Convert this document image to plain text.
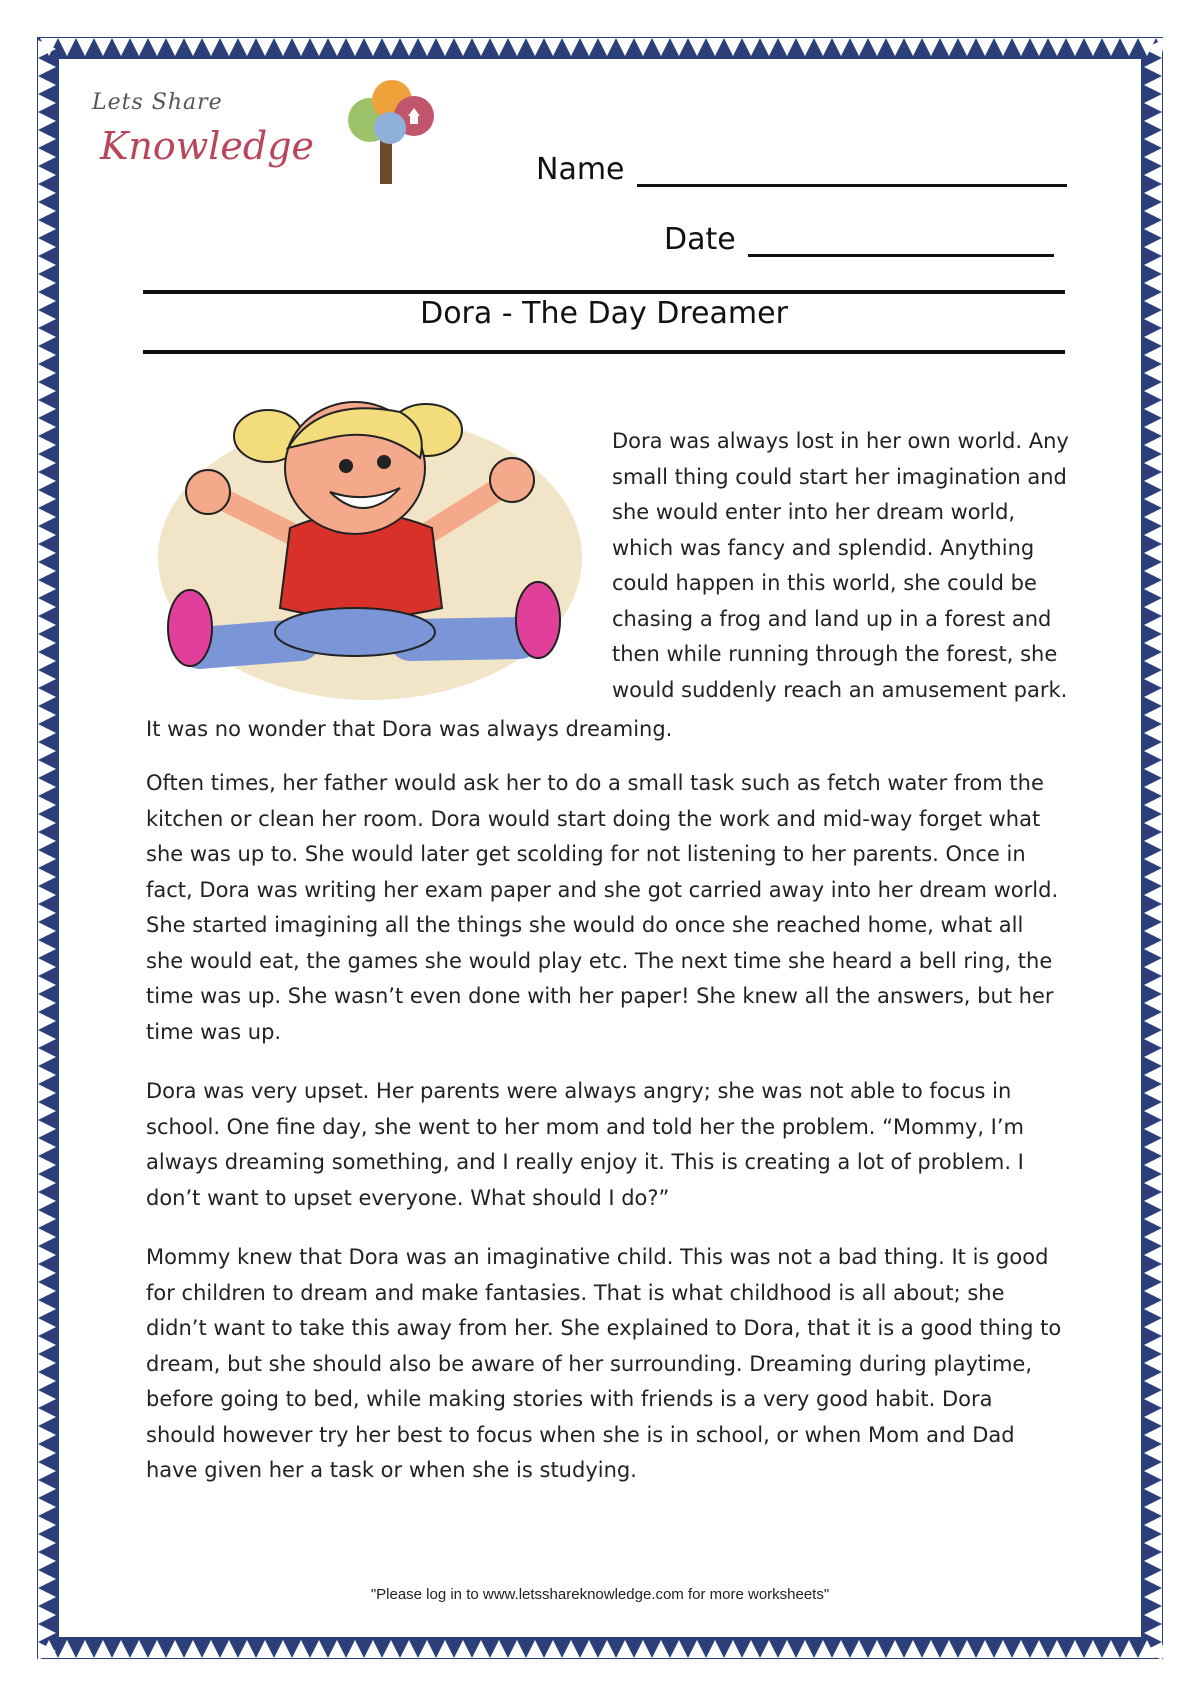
Lets Share
Knowledge
Name
Date
Dora - The Day Dreamer

Dora was always lost in her own world. Any

small thing could start her imagination and

she would enter into her dream world,

which was fancy and splendid. Anything

could happen in this world, she could be

chasing a frog and land up in a forest and

then while running through the forest, she

would suddenly reach an amusement park.

It was no wonder that Dora was always dreaming.

Often times, her father would ask her to do a small task such as fetch water from the kitchen or clean her room. Dora would start doing the work and mid-way forget what she was up to. She would later get scolding for not listening to her parents. Once in fact, Dora was writing her exam paper and she got carried away into her dream world. She started imagining all the things she would do once she reached home, what all she would eat, the games she would play etc. The next time she heard a bell ring, the time was up. She wasn’t even done with her paper! She knew all the answers, but her time was up.

Dora was very upset. Her parents were always angry; she was not able to focus in school. One fine day, she went to her mom and told her the problem. “Mommy, I’m always dreaming something, and I really enjoy it. This is creating a lot of problem. I don’t want to upset everyone. What should I do?”

Mommy knew that Dora was an imaginative child. This was not a bad thing. It is good for children to dream and make fantasies. That is what childhood is all about; she didn’t want to take this away from her. She explained to Dora, that it is a good thing to dream, but she should also be aware of her surrounding. Dreaming during playtime, before going to bed, while making stories with friends is a very good habit. Dora should however try her best to focus when she is in school, or when Mom and Dad have given her a task or when she is studying.

"Please log in to www.letsshareknowledge.com for more worksheets"
